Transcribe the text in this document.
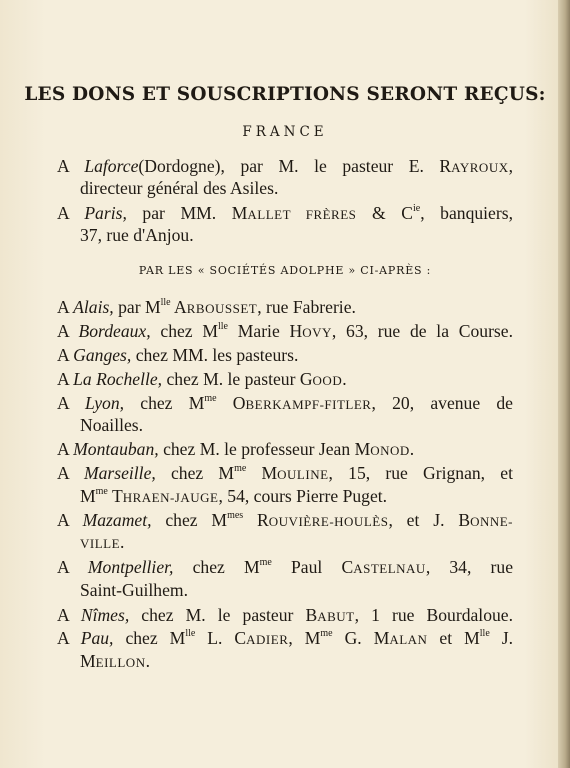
LES DONS ET SOUSCRIPTIONS SERONT REÇUS:
FRANCE
A Laforce(Dordogne), par M. le pasteur E. RAYROUX,
directeur général des Asiles.
A Paris, par MM. MALLET FRÈRES & $C^{ie}$, banquiers,
37, rue d'Anjou.
PAR LES « SOCIÉTÉS ADOLPHE » CI-APRÈS :
A Alais, par $M^{lle}$ ARBOUSSET, rue Fabrerie.
A Bordeaux, chez $M^{lle}$ Marie HOVY, 63, rue de la Course.
A Ganges, chez MM. les pasteurs.
A La Rochelle, chez M. le pasteur GOOD.
A Lyon, chez $M^{me}$ OBERKAMPF-FITLER, 20, avenue de
Noailles.
A Montauban, chez M. le professeur Jean MONOD.
A Marseille, chez $M^{me}$ MOULINE, 15, rue Grignan, et
$M^{me}$ THRAEN-JAUGE, 54, cours Pierre Puget.
A Mazamet, chez $M^{mes}$ ROUVIÈRE-HOULÈS, et J. BONNE-
VILLE.
A Montpellier, chez $M^{me}$ Paul CASTELNAU, 34, rue
Saint-Guilhem.
A Nîmes, chez M. le pasteur BABUT, 1 rue Bourdaloue.
A Pau, chez $M^{lle}$ L. CADIER, $M^{me}$ G. MALAN et $M^{lle}$ J.
MEILLON.
